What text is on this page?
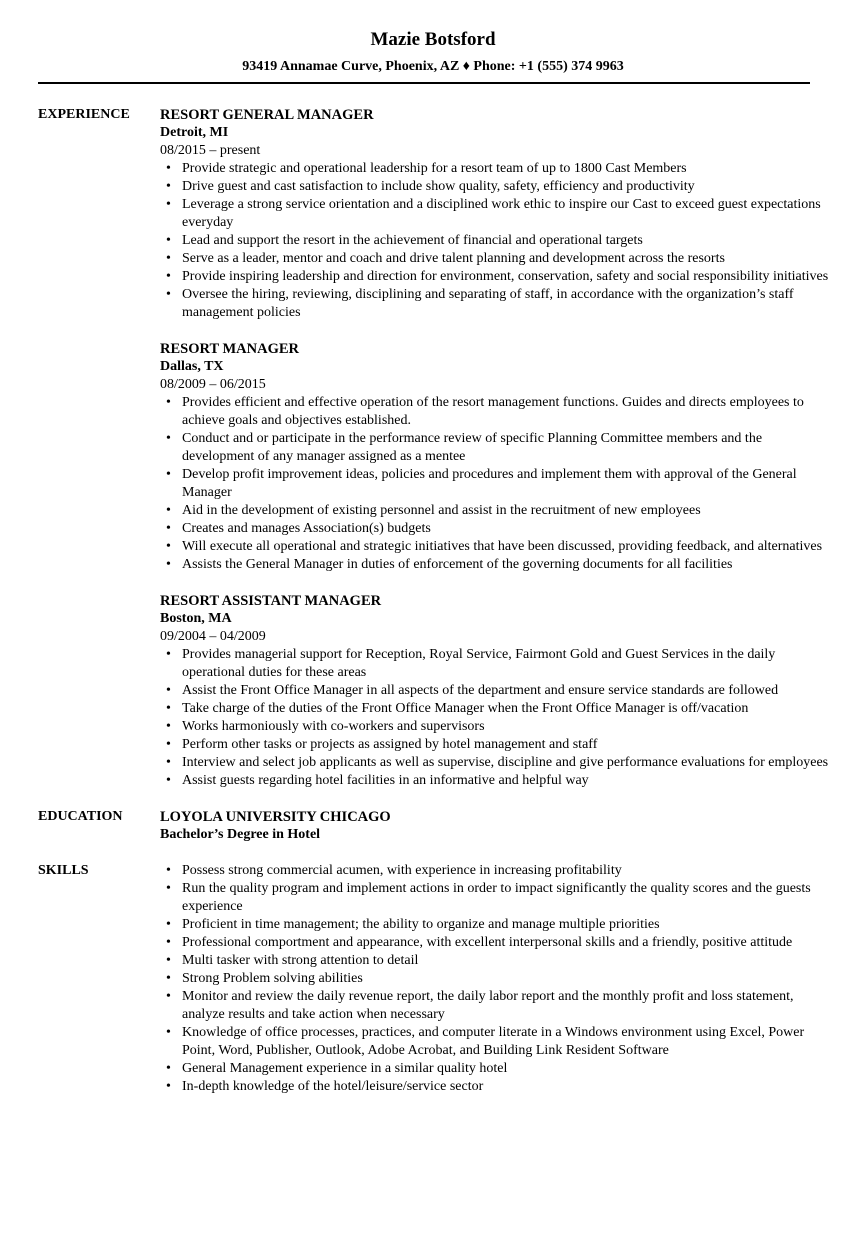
Mazie Botsford
93419 Annamae Curve, Phoenix, AZ ♦ Phone: +1 (555) 374 9963
EXPERIENCE RESORT GENERAL MANAGER
Detroit, MI
08/2015 – present
• Provide strategic and operational leadership for a resort team of up to 1800 Cast Members
• Drive guest and cast satisfaction to include show quality, safety, efficiency and productivity
• Leverage a strong service orientation and a disciplined work ethic to inspire our Cast to exceed guest expectations everyday
• Lead and support the resort in the achievement of financial and operational targets
• Serve as a leader, mentor and coach and drive talent planning and development across the resorts
• Provide inspiring leadership and direction for environment, conservation, safety and social responsibility initiatives
• Oversee the hiring, reviewing, disciplining and separating of staff, in accordance with the organization’s staff management policies
RESORT MANAGER
Dallas, TX
08/2009 – 06/2015
• Provides efficient and effective operation of the resort management functions. Guides and directs employees to achieve goals and objectives established.
• Conduct and or participate in the performance review of specific Planning Committee members and the development of any manager assigned as a mentee
• Develop profit improvement ideas, policies and procedures and implement them with approval of the General Manager
• Aid in the development of existing personnel and assist in the recruitment of new employees
• Creates and manages Association(s) budgets
• Will execute all operational and strategic initiatives that have been discussed, providing feedback, and alternatives
• Assists the General Manager in duties of enforcement of the governing documents for all facilities
RESORT ASSISTANT MANAGER
Boston, MA
09/2004 – 04/2009
• Provides managerial support for Reception, Royal Service, Fairmont Gold and Guest Services in the daily operational duties for these areas
• Assist the Front Office Manager in all aspects of the department and ensure service standards are followed
• Take charge of the duties of the Front Office Manager when the Front Office Manager is off/vacation
• Works harmoniously with co-workers and supervisors
• Perform other tasks or projects as assigned by hotel management and staff
• Interview and select job applicants as well as supervise, discipline and give performance evaluations for employees
• Assist guests regarding hotel facilities in an informative and helpful way
EDUCATION	LOYOLA UNIVERSITY CHICAGO
Bachelor’s Degree in Hotel
SKILLS
•	Possess strong commercial acumen, with experience in increasing profitability
• Run the quality program and implement actions in order to impact significantly the quality scores and the guests experience
• Proficient in time management; the ability to organize and manage multiple priorities
• Professional comportment and appearance, with excellent interpersonal skills and a friendly, positive attitude
• Multi tasker with strong attention to detail
• Strong Problem solving abilities
• Monitor and review the daily revenue report, the daily labor report and the monthly profit and loss statement, analyze results and take action when necessary
• Knowledge of office processes, practices, and computer literate in a Windows environment using Excel, Power Point, Word, Publisher, Outlook, Adobe Acrobat, and Building Link Resident Software
• General Management experience in a similar quality hotel
• In-depth knowledge of the hotel/leisure/service sector
